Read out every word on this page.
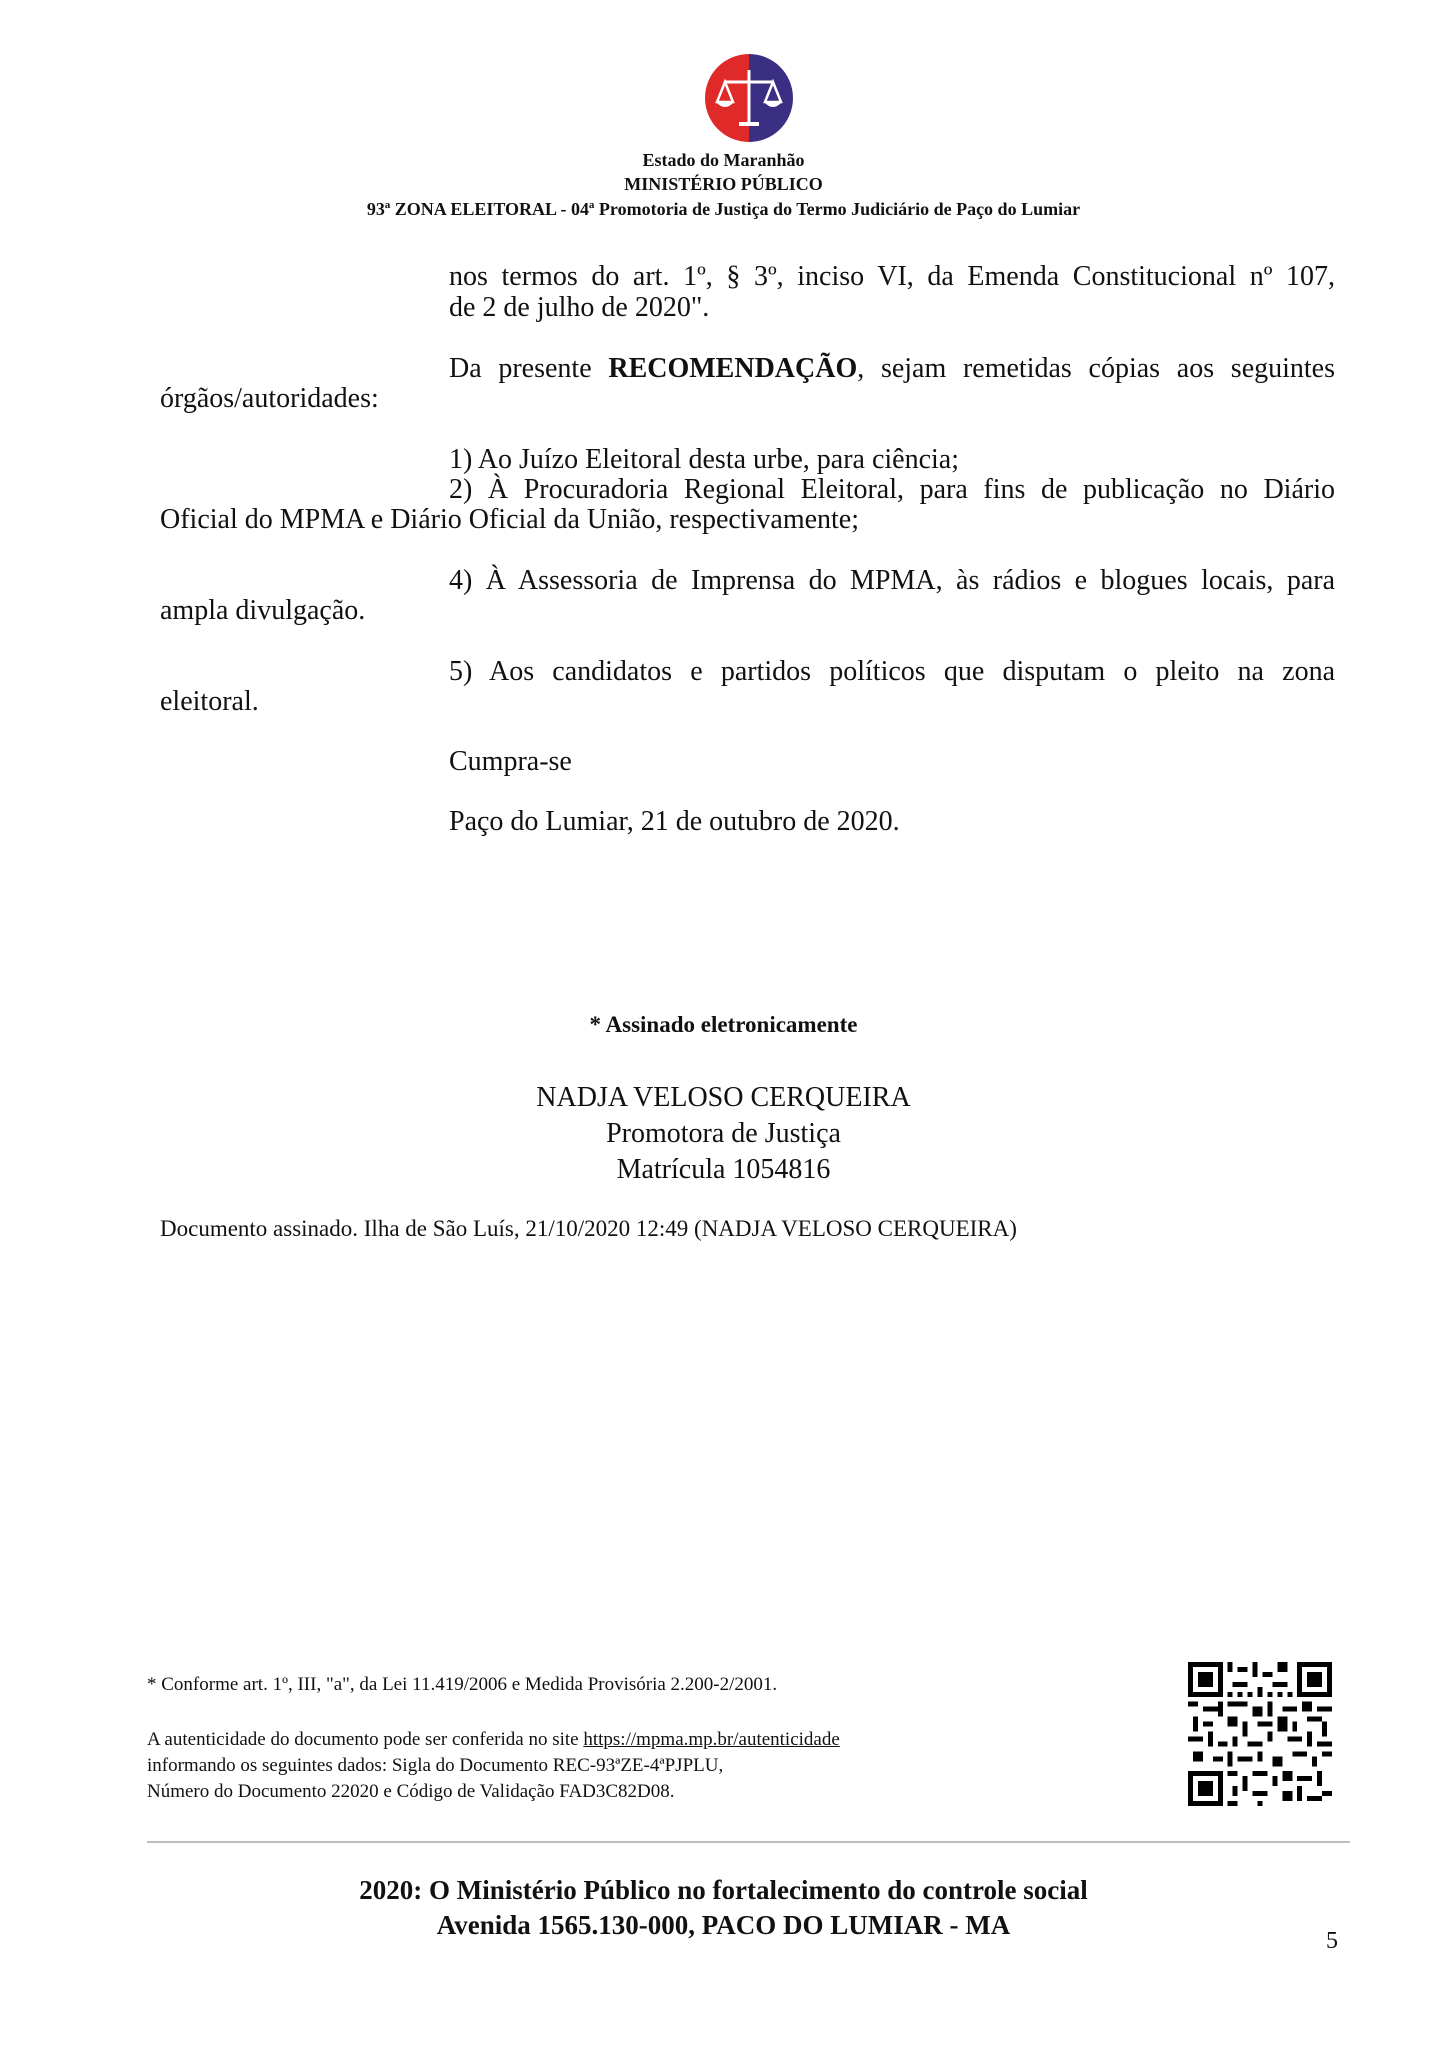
Estado do Maranhão
MINISTÉRIO PÚBLICO
93ª ZONA ELEITORAL - 04ª Promotoria de Justiça do Termo Judiciário de Paço do Lumiar
nos termos do art. 1º, § 3º, inciso VI, da Emenda Constitucional nº 107,
de 2 de julho de 2020".
Da presente RECOMENDAÇÃO, sejam remetidas cópias aos seguintes
órgãos/autoridades:
1) Ao Juízo Eleitoral desta urbe, para ciência;
2) À Procuradoria Regional Eleitoral, para fins de publicação no Diário
Oficial do MPMA e Diário Oficial da União, respectivamente;
4) À Assessoria de Imprensa do MPMA, às rádios e blogues locais, para
ampla divulgação.
5) Aos candidatos e partidos políticos que disputam o pleito na zona
eleitoral.
Cumpra-se
Paço do Lumiar, 21 de outubro de 2020.
* Assinado eletronicamente
NADJA VELOSO CERQUEIRA
Promotora de Justiça
Matrícula 1054816
Documento assinado. Ilha de São Luís, 21/10/2020 12:49 (NADJA VELOSO CERQUEIRA)
* Conforme art. 1º, III, "a", da Lei 11.419/2006 e Medida Provisória 2.200-2/2001.
A autenticidade do documento pode ser conferida no site https://mpma.mp.br/autenticidade
informando os seguintes dados: Sigla do Documento REC-93ªZE-4ªPJPLU,
Número do Documento 22020 e Código de Validação FAD3C82D08.
2020: O Ministério Público no fortalecimento do controle social
Avenida 1565.130-000, PACO DO LUMIAR - MA
5
